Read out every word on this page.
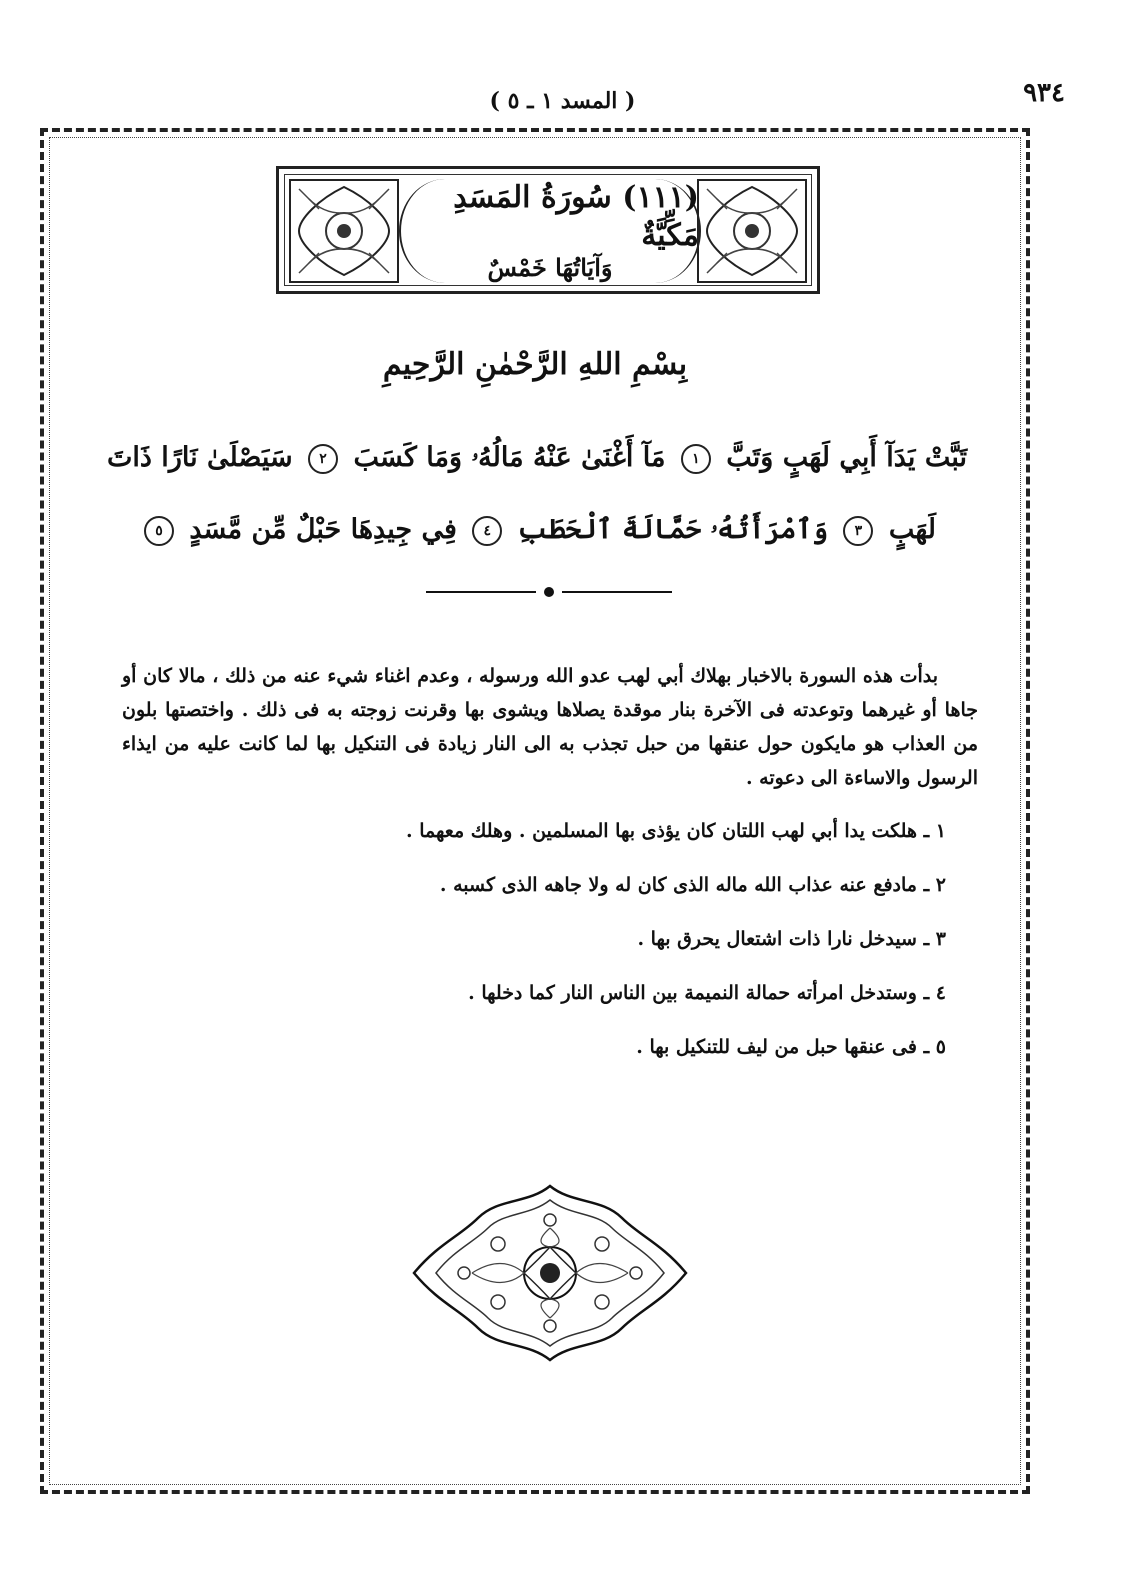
٩٣٤
( المسد ١ ـ ٥ )
(١١١) سُورَةُ المَسَدِ مَكِّيَّةٌ
وَآيَاتُهَا خَمْسٌ
بِسْمِ اللهِ الرَّحْمٰنِ الرَّحِيمِ
تَبَّتْ يَدَآ أَبِي لَهَبٍ وَتَبَّ ١ مَآ أَغْنَىٰ عَنْهُ مَالُهُۥ وَمَا كَسَبَ ٢ سَيَصْلَىٰ نَارًا ذَاتَ لَهَبٍ ٣ وَٱمْرَأَتُهُۥ حَمَّالَةَ ٱلْحَطَبِ ٤ فِي جِيدِهَا حَبْلٌ مِّن مَّسَدٍ ٥

بدأت هذه السورة بالاخبار بهلاك أبي لهب عدو الله ورسوله ، وعدم اغناء شيء عنه من ذلك ، مالا كان أو جاها أو غيرهما وتوعدته فى الآخرة بنار موقدة يصلاها ويشوى بها وقرنت زوجته به فى ذلك . واختصتها بلون من العذاب هو مايكون حول عنقها من حبل تجذب به الى النار زيادة فى التنكيل بها لما كانت عليه من ايذاء الرسول والاساءة الى دعوته .

١ ـ هلكت يدا أبي لهب اللتان كان يؤذى بها المسلمين . وهلك معهما .
٢ ـ مادفع عنه عذاب الله ماله الذى كان له ولا جاهه الذى كسبه .
٣ ـ سيدخل نارا ذات اشتعال يحرق بها .
٤ ـ وستدخل امرأته حمالة النميمة بين الناس النار كما دخلها .
٥ ـ فى عنقها حبل من ليف للتنكيل بها .
